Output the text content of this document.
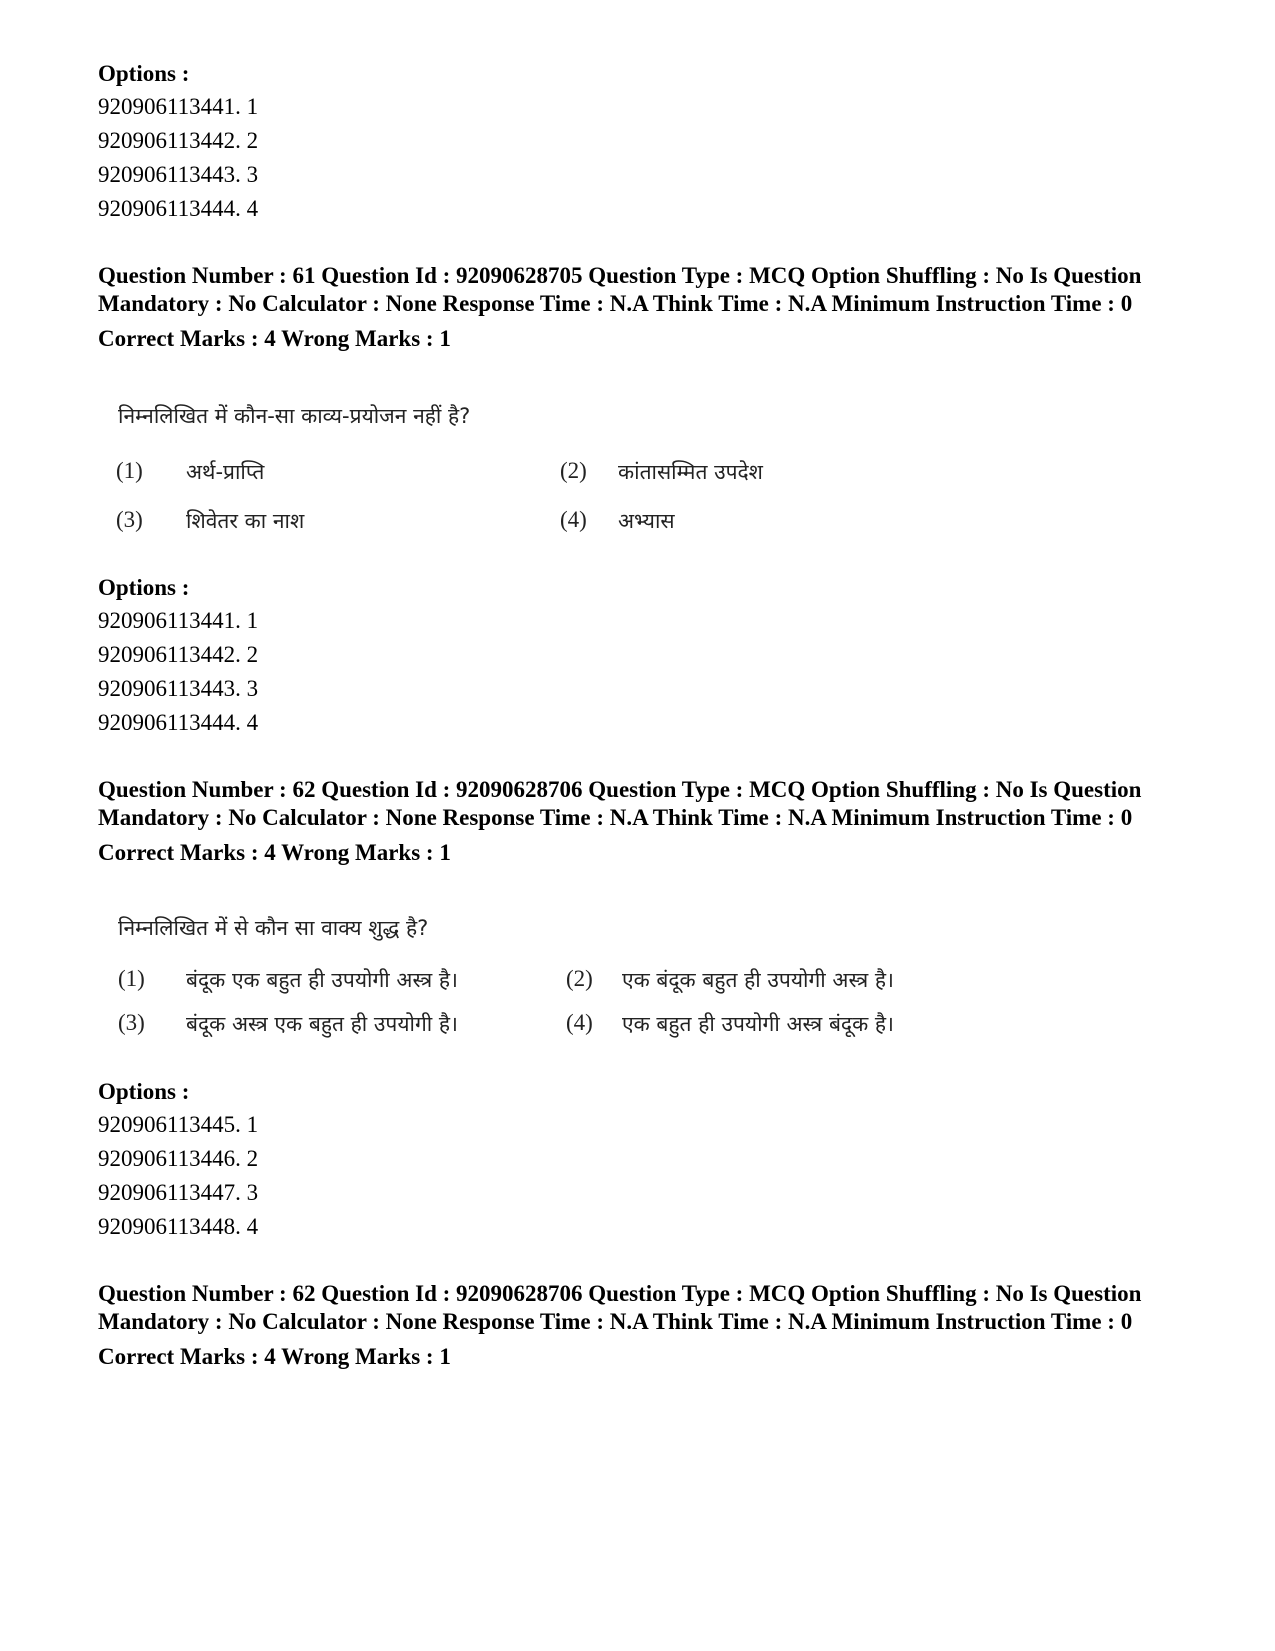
Options :

920906113441. 1

920906113442. 2

920906113443. 3

920906113444. 4

Question Number : 61 Question Id : 92090628705 Question Type : MCQ Option Shuffling : No Is Question Mandatory : No Calculator : None Response Time : N.A Think Time : N.A Minimum Instruction Time : 0

Correct Marks : 4 Wrong Marks : 1

निम्नलिखित में कौन-सा काव्य-प्रयोजन नहीं है?
(1) अर्थ-प्राप्ति	(2) कांतासम्मित उपदेश
(3) शिवेतर का नाश	(4) अभ्यास

Options :

920906113441. 1

920906113442. 2

920906113443. 3

920906113444. 4

Question Number : 62 Question Id : 92090628706 Question Type : MCQ Option Shuffling : No Is Question Mandatory : No Calculator : None Response Time : N.A Think Time : N.A Minimum Instruction Time : 0

Correct Marks : 4 Wrong Marks : 1

निम्नलिखित में से कौन सा वाक्य शुद्ध है?
(1) बंदूक एक बहुत ही उपयोगी अस्त्र है।	(2) एक बंदूक बहुत ही उपयोगी अस्त्र है।
(3) बंदूक अस्त्र एक बहुत ही उपयोगी है।	(4) एक बहुत ही उपयोगी अस्त्र बंदूक है।

Options :

920906113445. 1

920906113446. 2

920906113447. 3

920906113448. 4

Question Number : 62 Question Id : 92090628706 Question Type : MCQ Option Shuffling : No Is Question Mandatory : No Calculator : None Response Time : N.A Think Time : N.A Minimum Instruction Time : 0

Correct Marks : 4 Wrong Marks : 1
